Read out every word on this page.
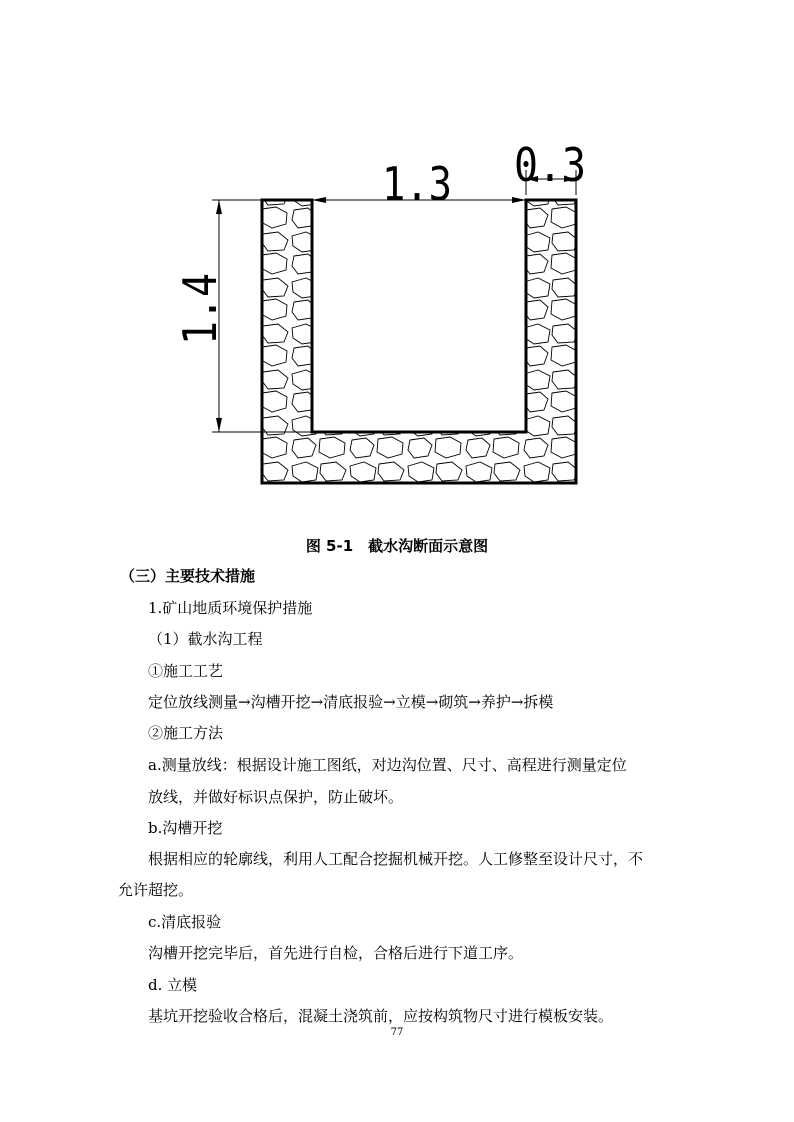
1.3 0.3
1.4
图 5-1　截水沟断面示意图
（三）主要技术措施
1.矿山地质环境保护措施
（1）截水沟工程
①施工工艺
定位放线测量→沟槽开挖→清底报验→立模→砌筑→养护→拆模
②施工方法
a.测量放线：根据设计施工图纸，对边沟位置、尺寸、高程进行测量定位
放线，并做好标识点保护，防止破坏。
b.沟槽开挖
根据相应的轮廓线，利用人工配合挖掘机械开挖。人工修整至设计尺寸，不
允许超挖。
c.清底报验
沟槽开挖完毕后，首先进行自检，合格后进行下道工序。
d. 立模
基坑开挖验收合格后，混凝土浇筑前，应按构筑物尺寸进行模板安装。
77
